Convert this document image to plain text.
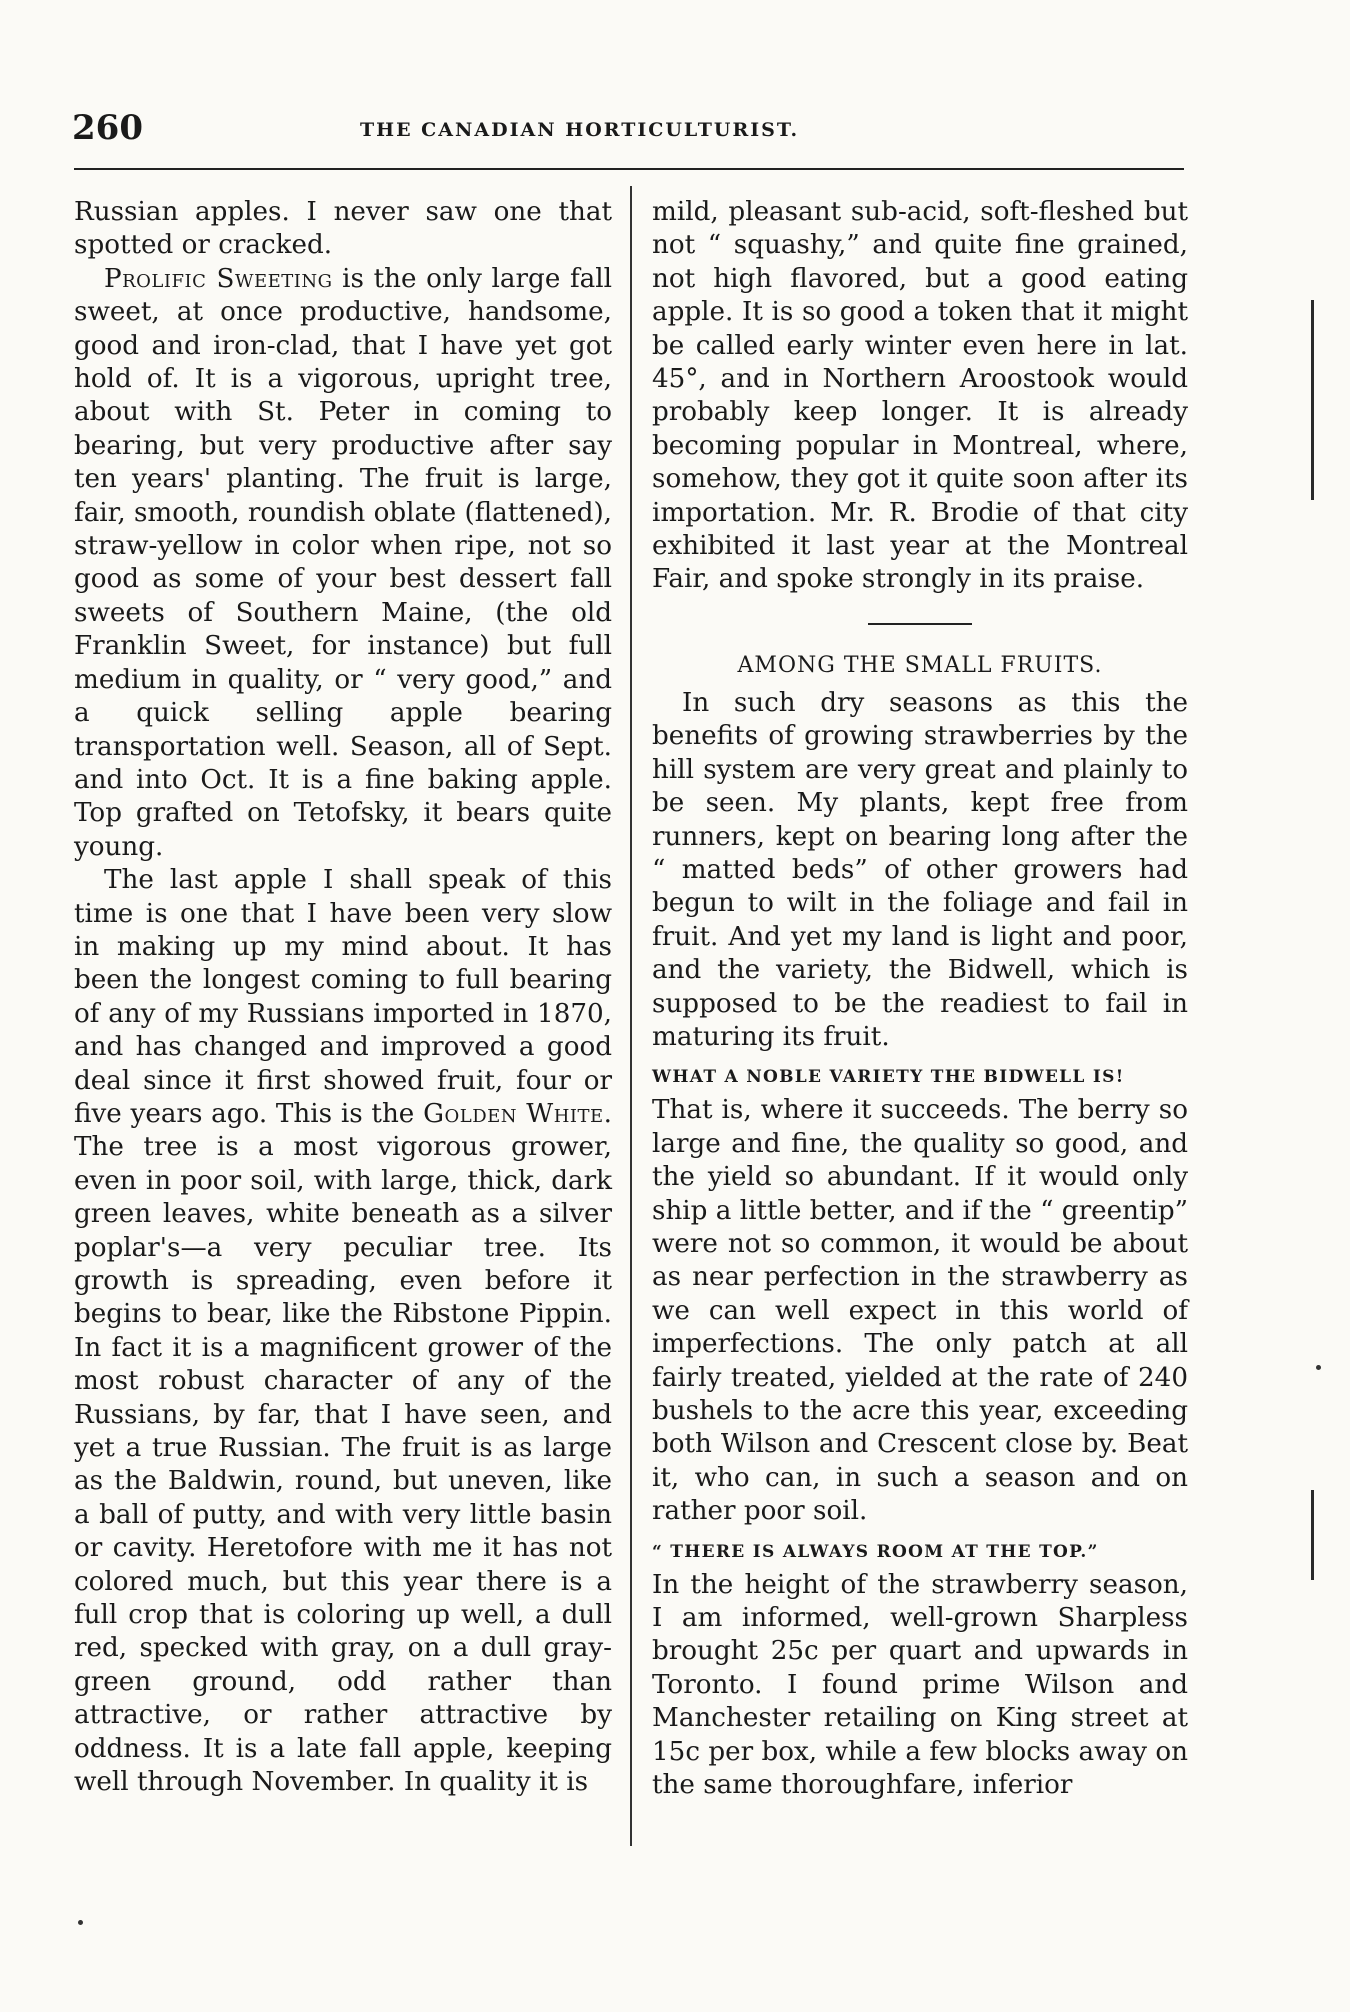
260	THE CANADIAN HORTICULTURIST.

Russian apples. I never saw one that spotted or cracked.

Prolific Sweeting is the only large fall sweet, at once productive, handsome, good and iron-clad, that I have yet got hold of. It is a vigorous, upright tree, about with St. Peter in coming to bearing, but very productive after say ten years' planting. The fruit is large, fair, smooth, roundish oblate (flattened), straw-yellow in color when ripe, not so good as some of your best dessert fall sweets of Southern Maine, (the old Franklin Sweet, for instance) but full medium in quality, or “ very good,” and a quick selling apple bearing transportation well. Season, all of Sept. and into Oct. It is a fine baking apple. Top grafted on Tetofsky, it bears quite young.

The last apple I shall speak of this time is one that I have been very slow in making up my mind about. It has been the longest coming to full bearing of any of my Russians imported in 1870, and has changed and improved a good deal since it first showed fruit, four or five years ago. This is the Golden White. The tree is a most vigorous grower, even in poor soil, with large, thick, dark green leaves, white beneath as a silver poplar's—a very peculiar tree. Its growth is spreading, even before it begins to bear, like the Ribstone Pippin. In fact it is a magnificent grower of the most robust character of any of the Russians, by far, that I have seen, and yet a true Russian. The fruit is as large as the Baldwin, round, but uneven, like a ball of putty, and with very little basin or cavity. Heretofore with me it has not colored much, but this year there is a full crop that is coloring up well, a dull red, specked with gray, on a dull gray-green ground, odd rather than attractive, or rather attractive by oddness. It is a late fall apple, keeping well through November. In quality it is

mild, pleasant sub-acid, soft-fleshed but not “ squashy,” and quite fine grained, not high flavored, but a good eating apple. It is so good a token that it might be called early winter even here in lat. 45°, and in Northern Aroostook would probably keep longer. It is already becoming popular in Montreal, where, somehow, they got it quite soon after its importation. Mr. R. Brodie of that city exhibited it last year at the Montreal Fair, and spoke strongly in its praise.

AMONG THE SMALL FRUITS.

In such dry seasons as this the benefits of growing strawberries by the hill system are very great and plainly to be seen. My plants, kept free from runners, kept on bearing long after the “ matted beds” of other growers had begun to wilt in the foliage and fail in fruit. And yet my land is light and poor, and the variety, the Bidwell, which is supposed to be the readiest to fail in maturing its fruit.

WHAT A NOBLE VARIETY THE BIDWELL IS!

That is, where it succeeds. The berry so large and fine, the quality so good, and the yield so abundant. If it would only ship a little better, and if the “ greentip” were not so common, it would be about as near perfection in the strawberry as we can well expect in this world of imperfections. The only patch at all fairly treated, yielded at the rate of 240 bushels to the acre this year, exceeding both Wilson and Crescent close by. Beat it, who can, in such a season and on rather poor soil.

“ THERE IS ALWAYS ROOM AT THE TOP.”

In the height of the strawberry season, I am informed, well-grown Sharpless brought 25c per quart and upwards in Toronto. I found prime Wilson and Manchester retailing on King street at 15c per box, while a few blocks away on the same thoroughfare, inferior
